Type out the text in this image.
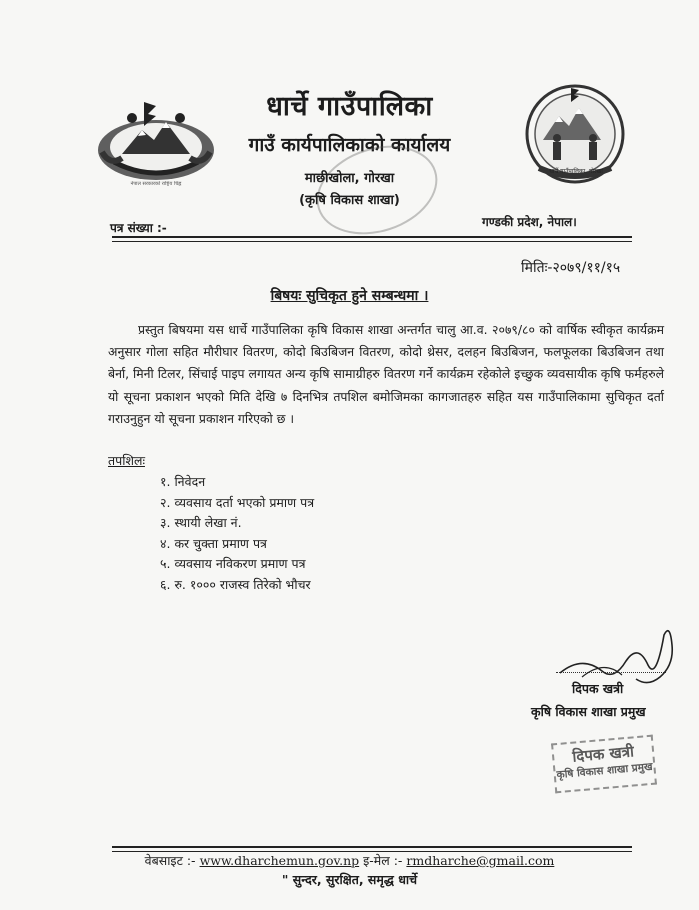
नेपाल सरकारको राष्ट्रिय चिह्न
धार्चे गाउँपालिका, गोरखा
धार्चे गाउँपालिका
गाउँ कार्यपालिकाको कार्यालय
माछीखोला, गोरखा
(कृषि विकास शाखा)
पत्र संख्या :-	गण्डकी प्रदेश, नेपाल।
मितिः-२०७९/११/१५
बिषयः सुचिकृत हुने सम्बन्धमा ।
प्रस्तुत बिषयमा यस धार्चे गाउँपालिका कृषि विकास शाखा अन्तर्गत चालु आ.व. २०७९/८० को वार्षिक स्वीकृत कार्यक्रम अनुसार गोला सहित मौरीघार वितरण, कोदो बिउबिजन वितरण, कोदो थ्रेसर, दलहन बिउबिजन, फलफूलका बिउबिजन तथा बेर्ना, मिनी टिलर, सिंचाई पाइप लगायत अन्य कृषि सामाग्रीहरु वितरण गर्ने कार्यक्रम रहेकोले इच्छुक व्यवसायीक कृषि फर्महरुले यो सूचना प्रकाशन भएको मिति देखि ७ दिनभित्र तपशिल बमोजिमका कागजातहरु सहित यस गाउँपालिकामा सुचिकृत दर्ता गराउनुहुन यो सूचना प्रकाशन गरिएको छ ।
तपशिलः
१. निवेदन
२. व्यवसाय दर्ता भएको प्रमाण पत्र
३. स्थायी लेखा नं.
४. कर चुक्ता प्रमाण पत्र
५. व्यवसाय नविकरण प्रमाण पत्र
६. रु. १००० राजस्व तिरेको भौचर
दिपक खत्री
कृषि विकास शाखा प्रमुख
दिपक खत्री
कृषि विकास शाखा प्रमुख
वेबसाइट :- www.dharchemun.gov.np इ-मेल :- rmdharche@gmail.com
" सुन्दर, सुरक्षित, समृद्ध धार्चे
